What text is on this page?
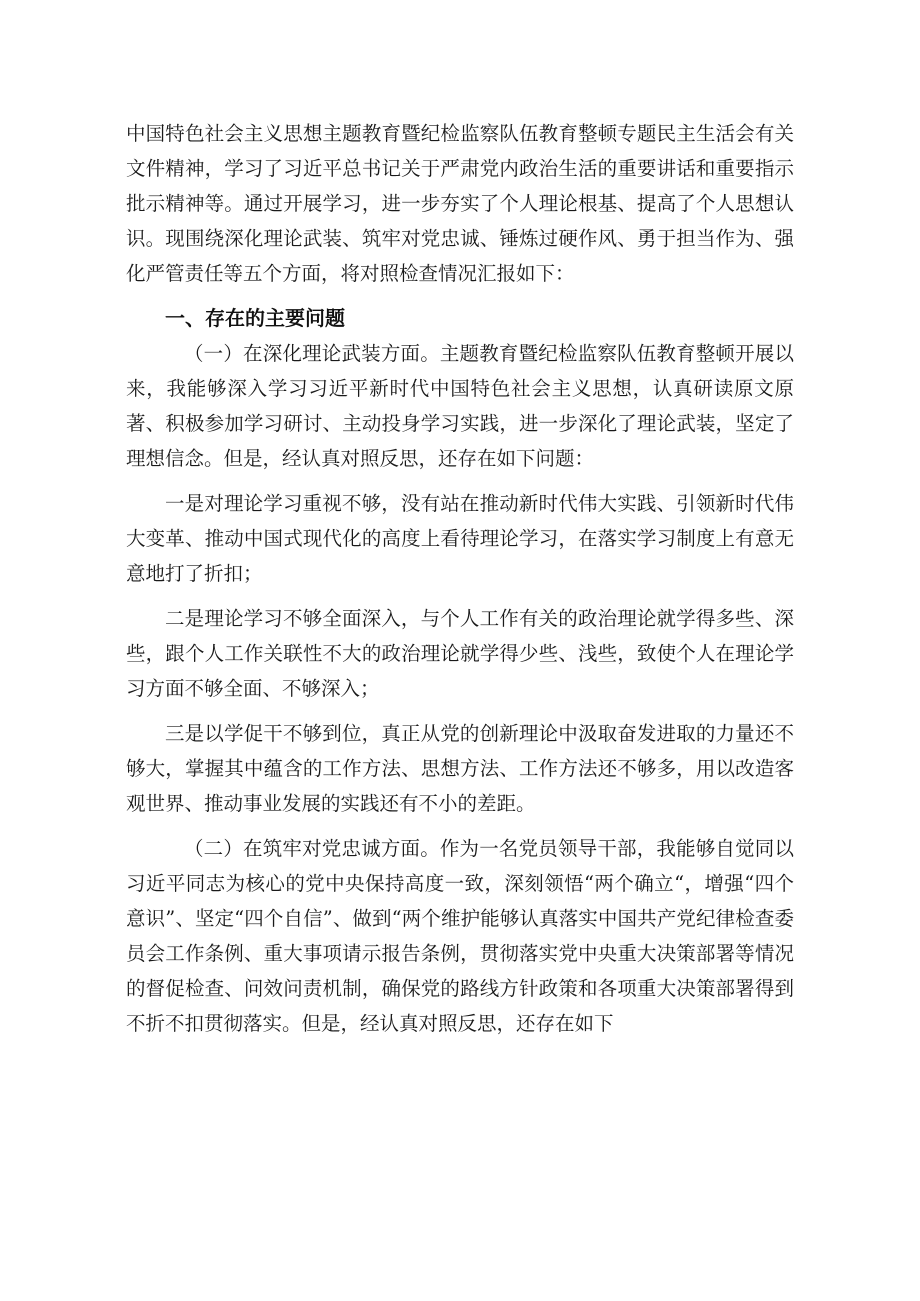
中国特色社会主义思想主题教育暨纪检监察队伍教育整顿专题民主生活会有关文件精神，学习了习近平总书记关于严肃党内政治生活的重要讲话和重要指示批示精神等。通过开展学习，进一步夯实了个人理论根基、提高了个人思想认识。现围绕深化理论武装、筑牢对党忠诚、锤炼过硬作风、勇于担当作为、强化严管责任等五个方面，将对照检查情况汇报如下：

一、存在的主要问题

（一）在深化理论武装方面。主题教育暨纪检监察队伍教育整顿开展以来，我能够深入学习习近平新时代中国特色社会主义思想，认真研读原文原著、积极参加学习研讨、主动投身学习实践，进一步深化了理论武装，坚定了理想信念。但是，经认真对照反思，还存在如下问题：

一是对理论学习重视不够，没有站在推动新时代伟大实践、引领新时代伟大变革、推动中国式现代化的高度上看待理论学习，在落实学习制度上有意无意地打了折扣；

二是理论学习不够全面深入，与个人工作有关的政治理论就学得多些、深些，跟个人工作关联性不大的政治理论就学得少些、浅些，致使个人在理论学习方面不够全面、不够深入；

三是以学促干不够到位，真正从党的创新理论中汲取奋发进取的力量还不够大，掌握其中蕴含的工作方法、思想方法、工作方法还不够多，用以改造客观世界、推动事业发展的实践还有不小的差距。

（二）在筑牢对党忠诚方面。作为一名党员领导干部，我能够自觉同以习近平同志为核心的党中央保持高度一致，深刻领悟“两个确立“，增强“四个意识”、坚定“四个自信”、做到“两个维护能够认真落实中国共产党纪律检查委员会工作条例、重大事项请示报告条例，贯彻落实党中央重大决策部署等情况的督促检查、问效问责机制，确保党的路线方针政策和各项重大决策部署得到不折不扣贯彻落实。但是，经认真对照反思，还存在如下
